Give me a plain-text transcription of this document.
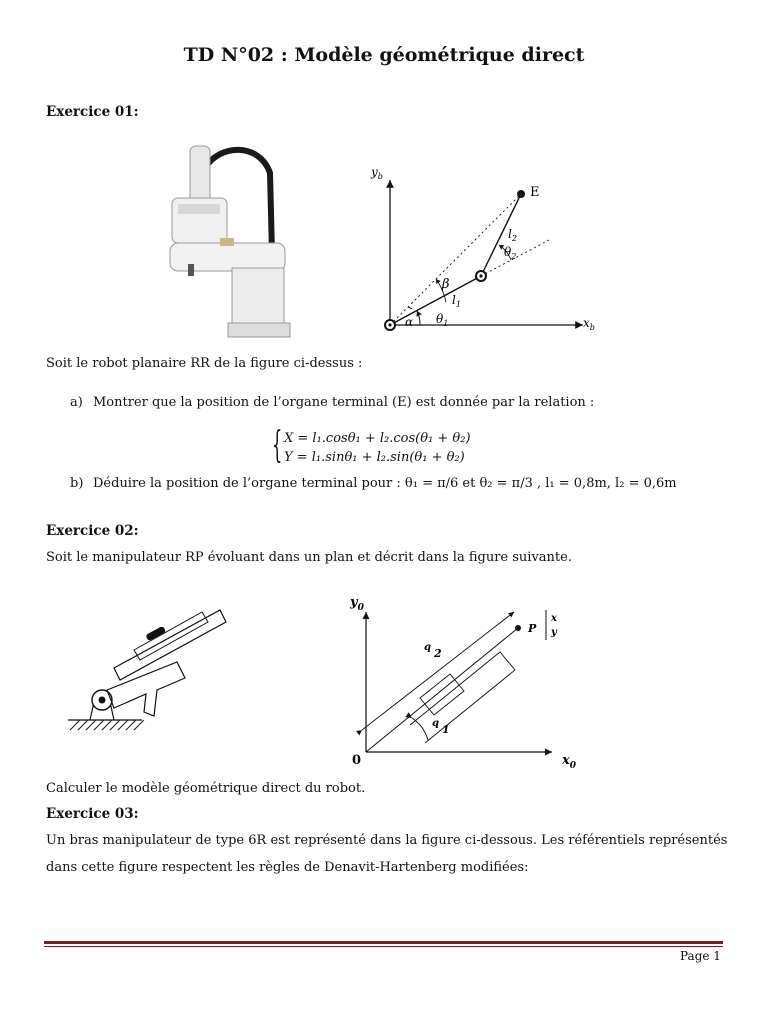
TD N°02 : Modèle géométrique direct
Exercice 01:
$y_b$
$x_b$
E
$l_2$
$\theta_2$
$l_1$
β
α $\theta_1$
Soit le robot planaire RR de la figure ci-dessus :
a) Montrer que la position de l’organe terminal (E) est donnée par la relation :
{ X = l₁.cosθ₁ + l₂.cos(θ₁ + θ₂)
Y = l₁.sinθ₁ + l₂.sin(θ₁ + θ₂)
b) Déduire la position de l’organe terminal pour : θ₁ = π/6 et θ₂ = π/3 , l₁ = 0,8m, l₂ = 0,6m
Exercice 02:
Soit le manipulateur RP évoluant dans un plan et décrit dans la figure suivante.
$y_0$
$x_0$
0
P
x
y
q 2
q 1
Calculer le modèle géométrique direct du robot.
Exercice 03:
Un bras manipulateur de type 6R est représenté dans la figure ci-dessous. Les référentiels représentés
dans cette figure respectent les règles de Denavit-Hartenberg modifiées:
Page 1
